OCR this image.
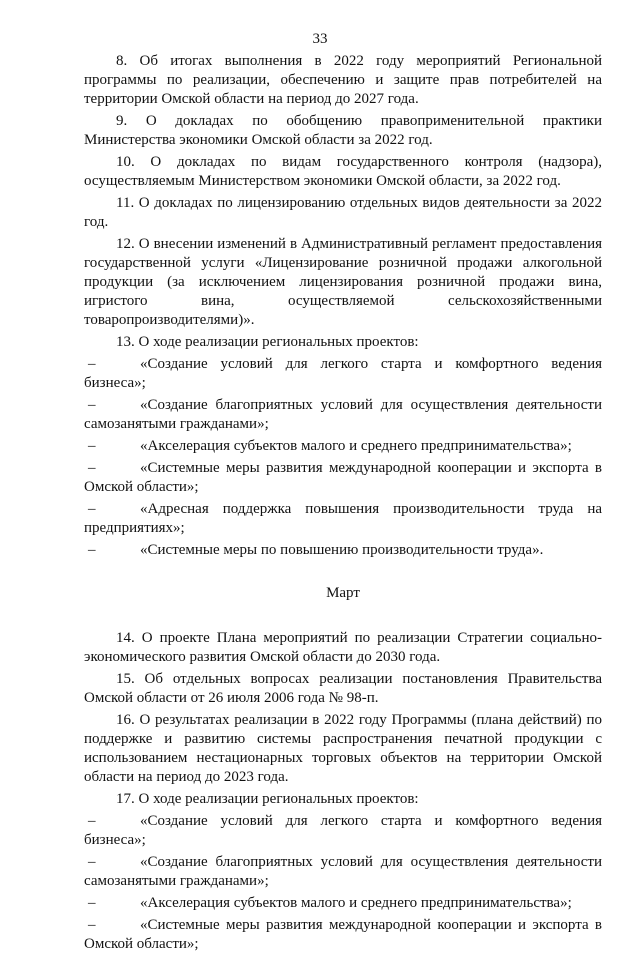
33

8. Об итогах выполнения в 2022 году мероприятий Региональной программы по реализации, обеспечению и защите прав потребителей на территории Омской области на период до 2027 года.

9. О докладах по обобщению правоприменительной практики Министерства экономики Омской области за 2022 год.

10. О докладах по видам государственного контроля (надзора), осуществляемым Министерством экономики Омской области, за 2022 год.

11. О докладах по лицензированию отдельных видов деятельности за 2022 год.

12. О внесении изменений в Административный регламент предоставления государственной услуги «Лицензирование розничной продажи алкогольной продукции (за исключением лицензирования розничной продажи вина, игристого вина, осуществляемой сельскохозяйственными товаропроизводителями)».

13. О ходе реализации региональных проектов:

–	«Создание условий для легкого старта и комфортного ведения бизнеса»;

–	«Создание благоприятных условий для осуществления деятельности самозанятыми гражданами»;

–	«Акселерация субъектов малого и среднего предпринимательства»;

–	«Системные меры развития международной кооперации и экспорта в Омской области»;

–	«Адресная поддержка повышения производительности труда на предприятиях»;

–	«Системные меры по повышению производительности труда».

Март

14. О проекте Плана мероприятий по реализации Стратегии социально-экономического развития Омской области до 2030 года.

15. Об отдельных вопросах реализации постановления Правительства Омской области от 26 июля 2006 года № 98-п.

16. О результатах реализации в 2022 году Программы (плана действий) по поддержке и развитию системы распространения печатной продукции с использованием нестационарных торговых объектов на территории Омской области на период до 2023 года.

17. О ходе реализации региональных проектов:

–	«Создание условий для легкого старта и комфортного ведения бизнеса»;

–	«Создание благоприятных условий для осуществления деятельности самозанятыми гражданами»;

–	«Акселерация субъектов малого и среднего предпринимательства»;

–	«Системные меры развития международной кооперации и экспорта в Омской области»;
